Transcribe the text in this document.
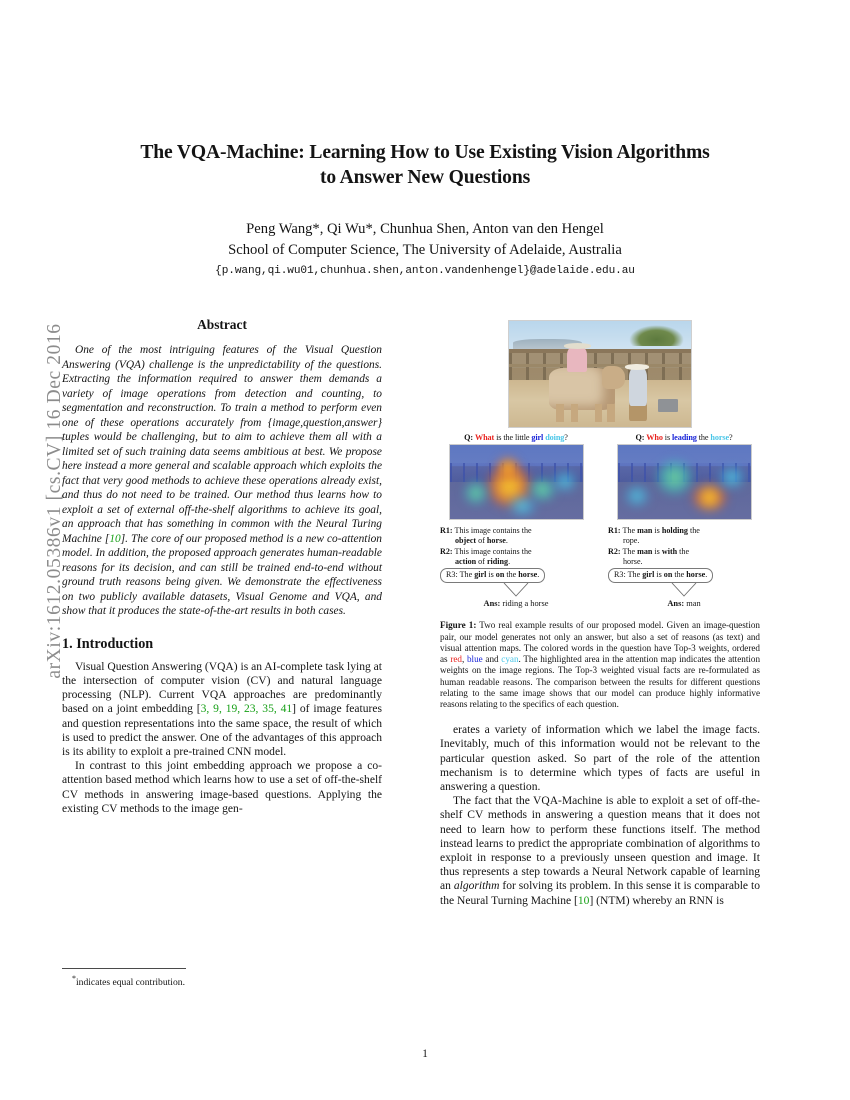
arXiv:1612.05386v1 [cs.CV] 16 Dec 2016
The VQA-Machine: Learning How to Use Existing Vision Algorithms
to Answer New Questions
Peng Wang*, Qi Wu*, Chunhua Shen, Anton van den Hengel
School of Computer Science, The University of Adelaide, Australia
{p.wang,qi.wu01,chunhua.shen,anton.vandenhengel}@adelaide.edu.au
Abstract
One of the most intriguing features of the Visual Question Answering (VQA) challenge is the unpredictability of the questions. Extracting the information required to answer them demands a variety of image operations from detection and counting, to segmentation and reconstruction. To train a method to perform even one of these operations accurately from {image,question,answer} tuples would be challenging, but to aim to achieve them all with a limited set of such training data seems ambitious at best. We propose here instead a more general and scalable approach which exploits the fact that very good methods to achieve these operations already exist, and thus do not need to be trained. Our method thus learns how to exploit a set of external off-the-shelf algorithms to achieve its goal, an approach that has something in common with the Neural Turing Machine [10]. The core of our proposed method is a new co-attention model. In addition, the proposed approach generates human-readable reasons for its decision, and can still be trained end-to-end without ground truth reasons being given. We demonstrate the effectiveness on two publicly available datasets, Visual Genome and VQA, and show that it produces the state-of-the-art results in both cases.
1. Introduction

Visual Question Answering (VQA) is an AI-complete task lying at the intersection of computer vision (CV) and natural language processing (NLP). Current VQA approaches are predominantly based on a joint embedding [3, 9, 19, 23, 35, 41] of image features and question representations into the same space, the result of which is used to predict the answer. One of the advantages of this approach is its ability to exploit a pre-trained CNN model.

In contrast to this joint embedding approach we propose a co-attention based method which learns how to use a set of off-the-shelf CV methods in answering image-based questions. Applying the existing CV methods to the image gen-

*indicates equal contribution.
Q: What is the little girl doing?
R1: This image contains the
object of horse.
R2: This image contains the
action of riding.
R3: The girl is on the horse.
Ans: riding a horse
Q: Who is leading the horse?
R1: The man is holding the
rope.
R2: The man is with the
horse.
R3: The girl is on the horse.
Ans: man
Figure 1: Two real example results of our proposed model. Given an image-question pair, our model generates not only an answer, but also a set of reasons (as text) and visual attention maps. The colored words in the question have Top-3 weights, ordered as red, blue and cyan. The highlighted area in the attention map indicates the attention weights on the image regions. The Top-3 weighted visual facts are re-formulated as human readable reasons. The comparison between the results for different questions relating to the same image shows that our model can produce highly informative reasons relating to the specifics of each question.

erates a variety of information which we label the image facts. Inevitably, much of this information would not be relevant to the particular question asked. So part of the role of the attention mechanism is to determine which types of facts are useful in answering a question.

The fact that the VQA-Machine is able to exploit a set of off-the-shelf CV methods in answering a question means that it does not need to learn how to perform these functions itself. The method instead learns to predict the appropriate combination of algorithms to exploit in response to a previously unseen question and image. It thus represents a step towards a Neural Network capable of learning an algorithm for solving its problem. In this sense it is comparable to the Neural Turning Machine [10] (NTM) whereby an RNN is

1
